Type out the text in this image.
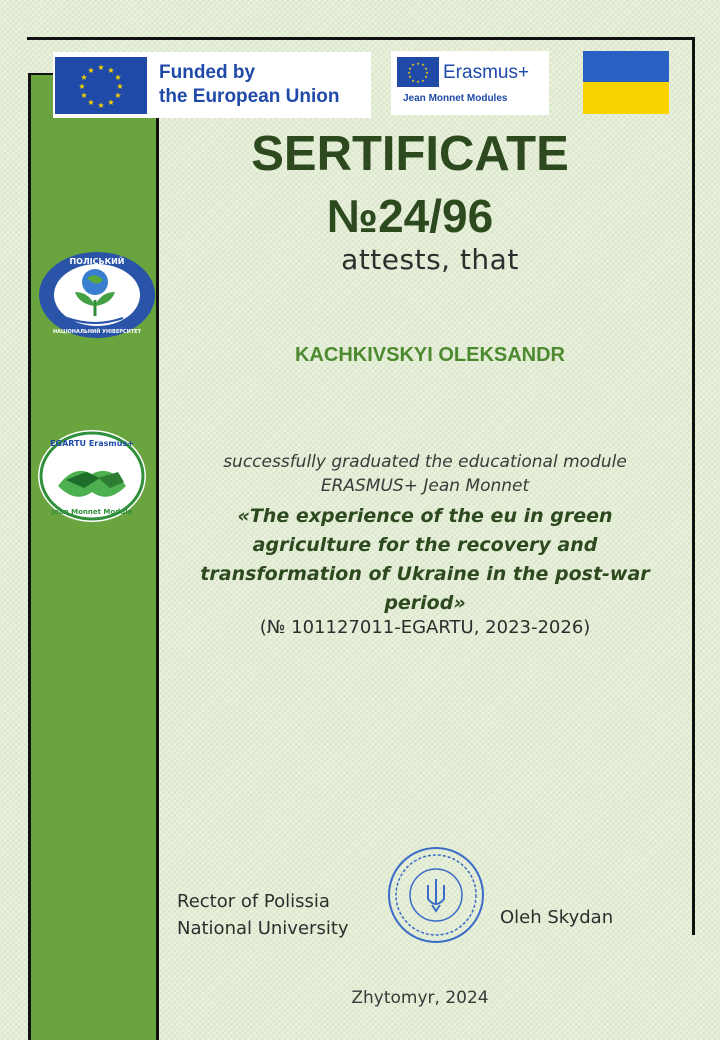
★ ★
★
★
★
★
★
★
★
★
★
★	Funded by
the European Union
★ ★
★
★
★
★
★
★
★
★
★
★ Erasmus+
Jean Monnet Modules
ПОЛІСЬКИЙ
НАЦІОНАЛЬНИЙ УНІВЕРСИТЕТ
EGARTU Erasmus+
Jean Monnet Module
SERTIFICATE
№24/96
attests, that
KACHKIVSKYI OLEKSANDR
successfully graduated the educational module
ERASMUS+ Jean Monnet
«The experience of the eu in green agriculture for the recovery and transformation of Ukraine in the post-war period»
(№ 101127011-EGARTU, 2023-2026)
Rector of Polissia
National University
Oleh Skydan
Zhytomyr, 2024
